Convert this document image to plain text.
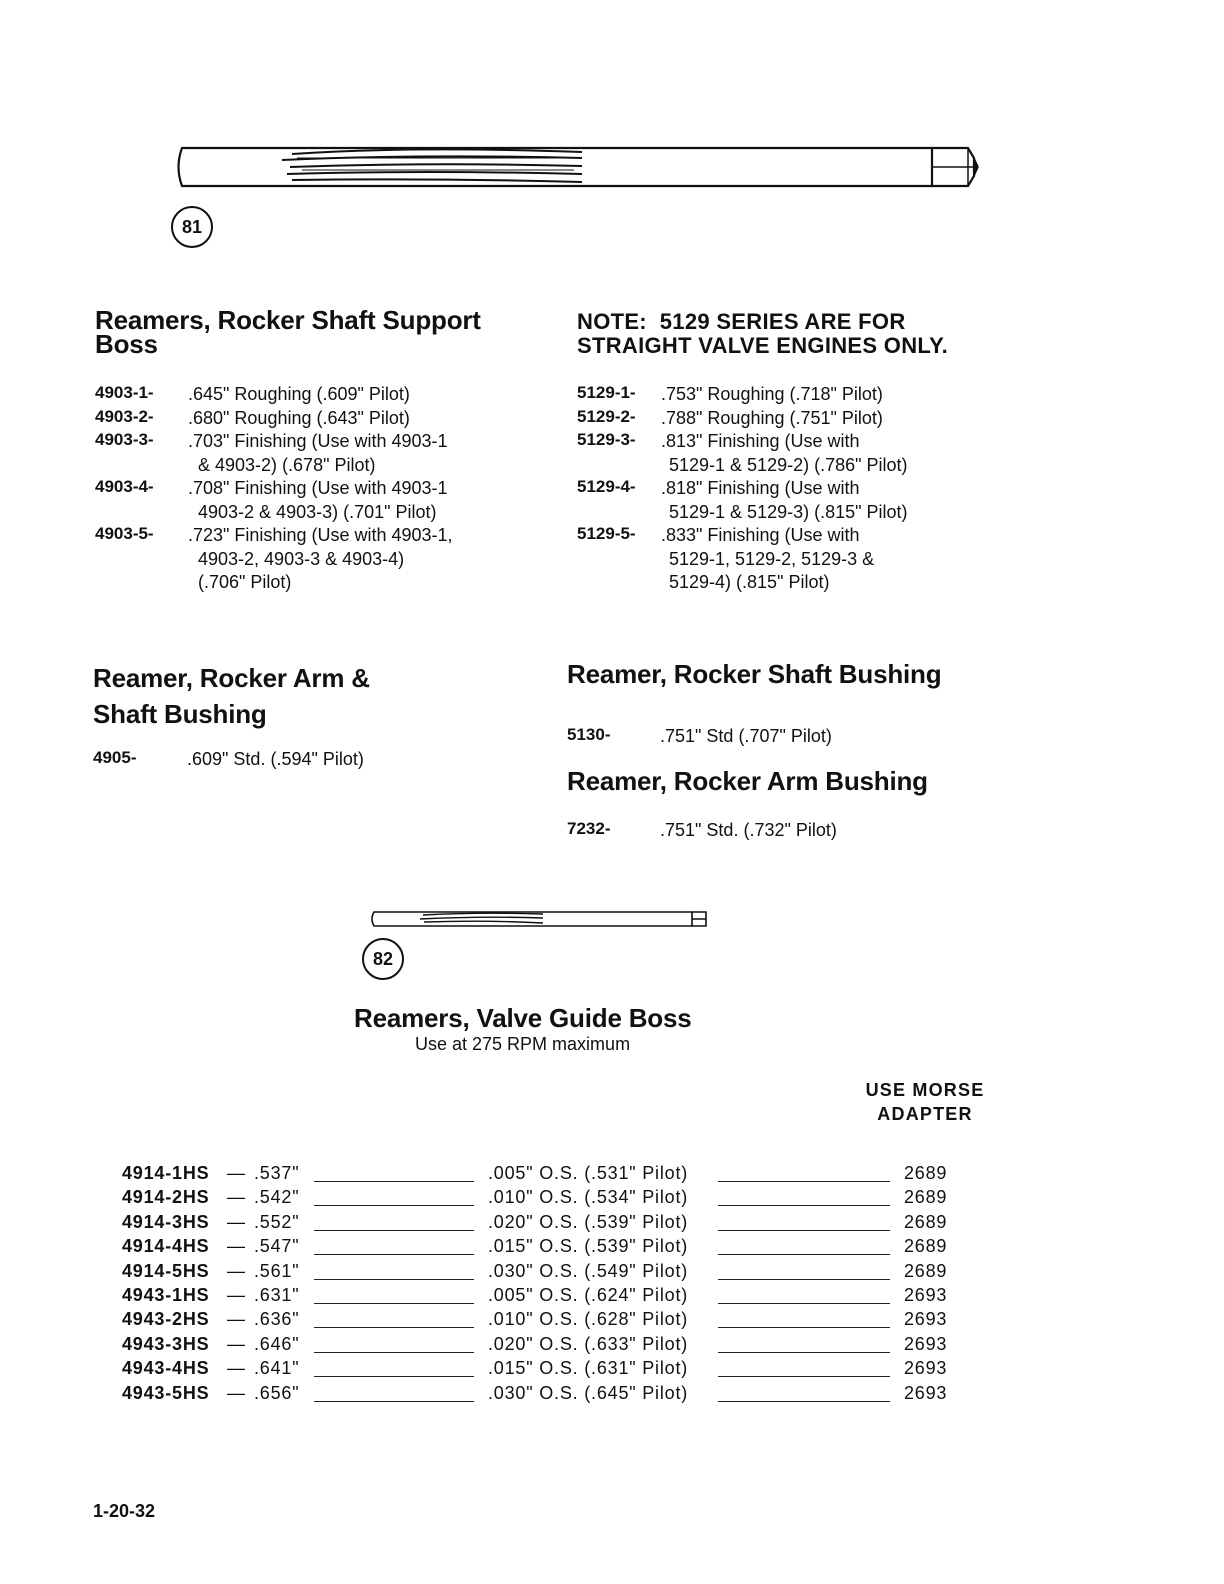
81
Reamers, Rocker Shaft Support
Boss
4903-1- .645" Roughing (.609" Pilot)
4903-2- .680" Roughing (.643" Pilot)
4903-3- .703" Finishing (Use with 4903-1
& 4903-2) (.678" Pilot)
4903-4- .708" Finishing (Use with 4903-1
4903-2 & 4903-3) (.701" Pilot)
4903-5- .723" Finishing (Use with 4903-1,
4903-2, 4903-3 & 4903-4)
(.706" Pilot)
NOTE:  5129 SERIES ARE FOR
STRAIGHT VALVE ENGINES ONLY.
5129-1- .753" Roughing (.718" Pilot)
5129-2- .788" Roughing (.751" Pilot)
5129-3- .813" Finishing (Use with
5129-1 & 5129-2) (.786" Pilot)
5129-4- .818" Finishing (Use with
5129-1 & 5129-3) (.815" Pilot)
5129-5- .833" Finishing (Use with
5129-1, 5129-2, 5129-3 &
5129-4) (.815" Pilot)
Reamer, Rocker Arm &
Shaft Bushing
4905-	.609" Std. (.594" Pilot)
Reamer, Rocker Shaft Bushing
5130-	.751" Std (.707" Pilot)
Reamer, Rocker Arm Bushing
7232-	.751" Std. (.732" Pilot)
82
Reamers, Valve Guide Boss
Use at 275 RPM maximum
USE MORSE
ADAPTER
4914-1HS — .537"	.005" O.S. (.531" Pilot)	2689
4914-2HS — .542"	.010" O.S. (.534" Pilot)	2689
4914-3HS — .552"	.020" O.S. (.539" Pilot)	2689
4914-4HS — .547"	.015" O.S. (.539" Pilot)	2689
4914-5HS — .561"	.030" O.S. (.549" Pilot)	2689
4943-1HS — .631"	.005" O.S. (.624" Pilot)	2693
4943-2HS — .636"	.010" O.S. (.628" Pilot)	2693
4943-3HS — .646"	.020" O.S. (.633" Pilot)	2693
4943-4HS — .641"	.015" O.S. (.631" Pilot)	2693
4943-5HS — .656"	.030" O.S. (.645" Pilot)	2693
1-20-32
